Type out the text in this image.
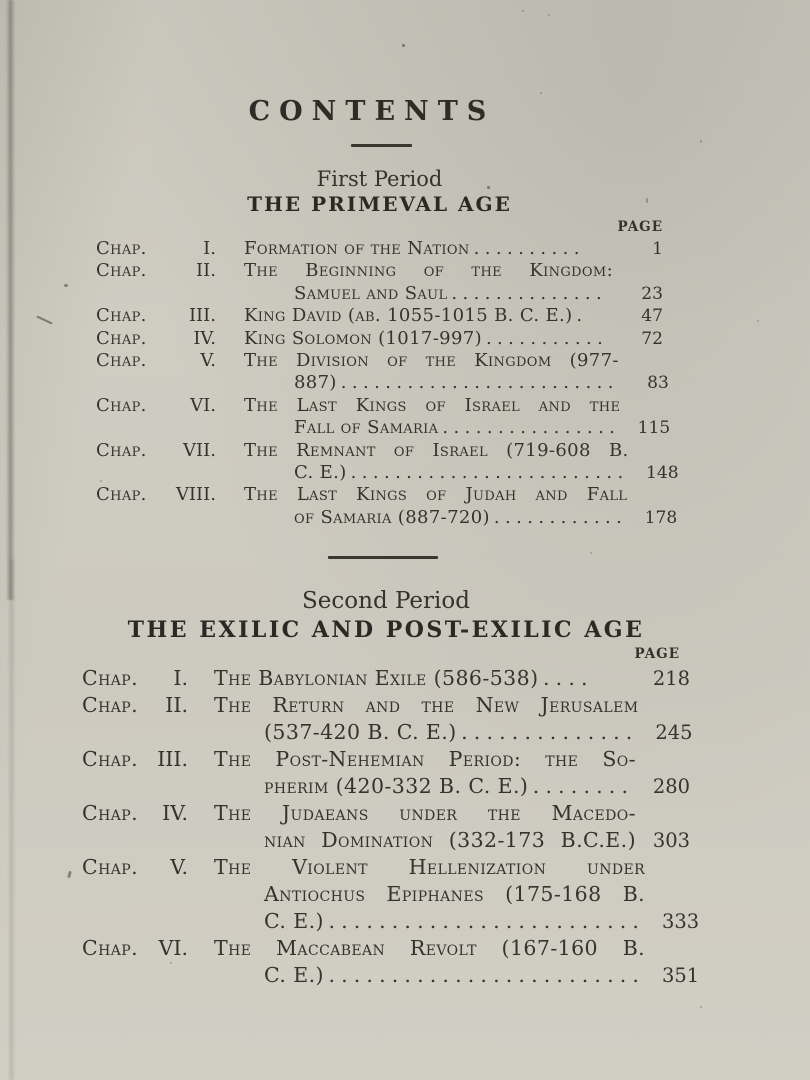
CONTENTS
First Period
THE PRIMEVAL AGE
PAGE
Chap.	I. Formation of the Nation ..........	1
Chap.	II. The Beginning of the Kingdom:
Samuel and Saul ..............	23
Chap.	III. King David (ab. 1055-1015 B. C. E.) .	47
Chap.	IV. King Solomon (1017-997) ...........	72
Chap.	V. The Division of the Kingdom (977-
887) .........................	83
Chap.	VI. The Last Kings of Israel and the
Fall of Samaria ................	115
Chap.	VII. The Remnant of Israel (719-608 B.
C. E.) .........................	148
Chap.	VIII. The Last Kings of Judah and Fall
of Samaria (887-720) ............	178
Second Period
THE EXILIC AND POST-EXILIC AGE
PAGE
Chap.	I. The Babylonian Exile (586-538) ....	218
Chap.	II. The Return and the New Jerusalem
(537-420 B. C. E.) .............. 245
Chap. III. The Post-Nehemian Period: the So-
pherim (420-332 B. C. E.) ........ 280
Chap.	IV. The Judaeans under the Macedo-
nian Domination (332-173 B.C.E.) 303
Chap.	V. The Violent Hellenization under
Antiochus Epiphanes (175-168 B.
C. E.) ......................... 333
Chap.	VI. The Maccabean Revolt (167-160 B.
C. E.) ......................... 351
